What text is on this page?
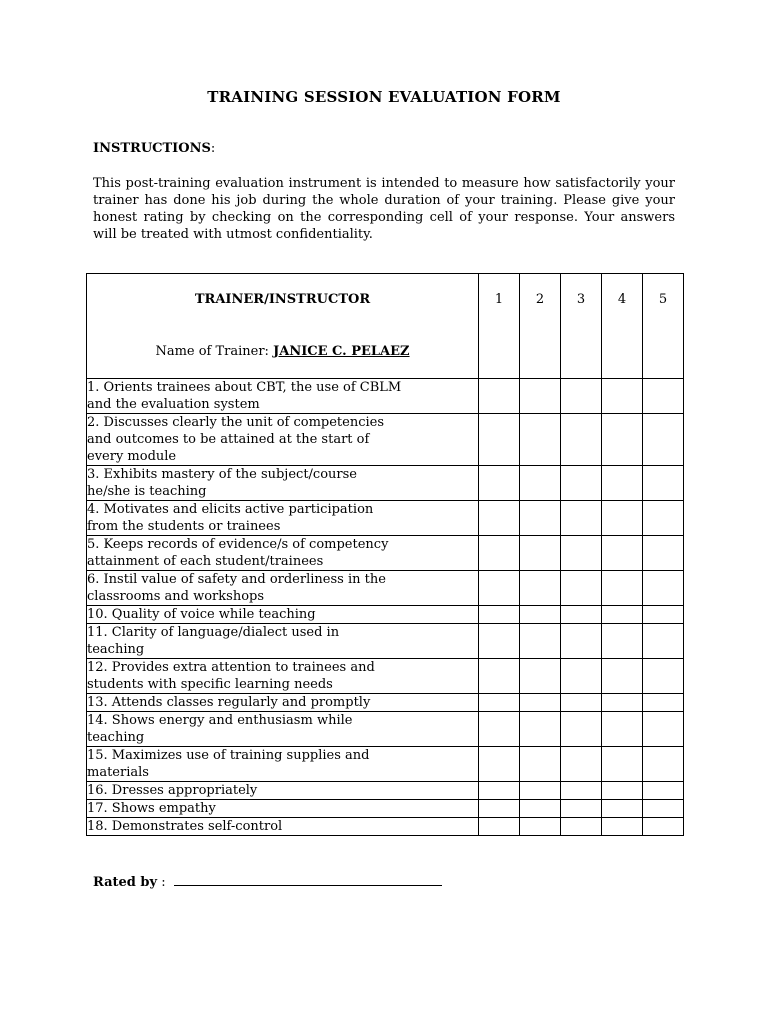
TRAINING SESSION EVALUATION FORM
INSTRUCTIONS:
This post-training evaluation instrument is intended to measure how satisfactorily your trainer has done his job during the whole duration of your training. Please give your honest rating by checking on the corresponding cell of your response. Your answers will be treated with utmost confidentiality.
TRAINER/INSTRUCTOR
Name of Trainer: JANICE C. PELAEZ	1	2	3	4	5

1. Orients trainees about CBT, the use of CBLM
and the evaluation system					

2. Discusses clearly the unit of competencies
and outcomes to be attained at the start of
every module					

3. Exhibits mastery of the subject/course
he/she is teaching					

4. Motivates and elicits active participation
from the students or trainees					

5. Keeps records of evidence/s of competency
attainment of each student/trainees					

6. Instil value of safety and orderliness in the
classrooms and workshops					

10. Quality of voice while teaching					

11. Clarity of language/dialect used in
teaching					

12. Provides extra attention to trainees and
students with specific learning needs					

13. Attends classes regularly and promptly					

14. Shows energy and enthusiasm while
teaching					

15. Maximizes use of training supplies and
materials					

16. Dresses appropriately					

17. Shows empathy					

18. Demonstrates self-control					

Rated by :
